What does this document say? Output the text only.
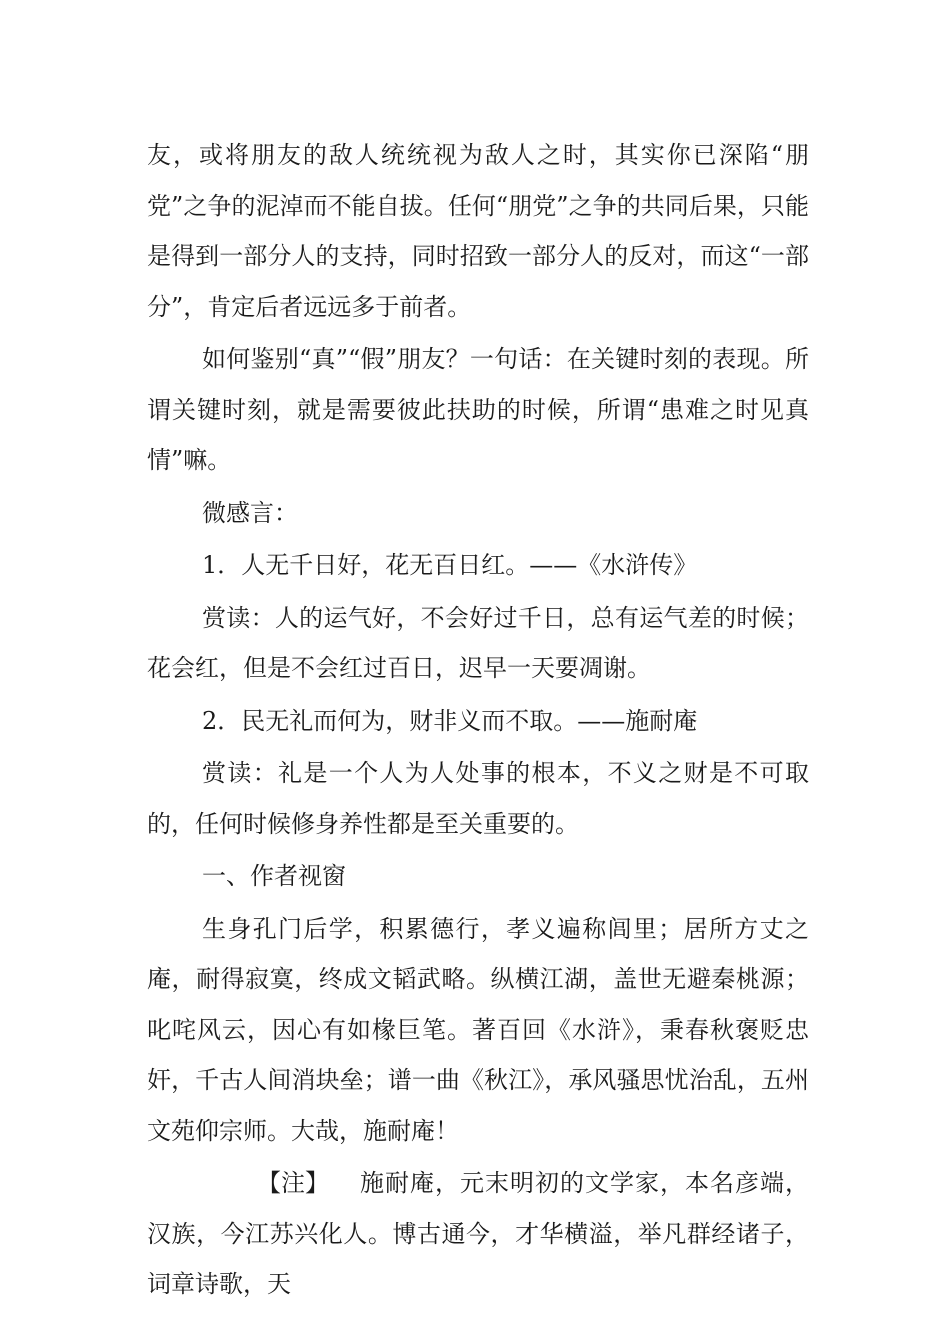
友，或将朋友的敌人统统视为敌人之时，其实你已深陷“朋党”之争的泥淖而不能自拔。任何“朋党”之争的共同后果，只能是得到一部分人的支持，同时招致一部分人的反对，而这“一部分”，肯定后者远远多于前者。

如何鉴别“真”“假”朋友？一句话：在关键时刻的表现。所谓关键时刻，就是需要彼此扶助的时候，所谓“患难之时见真情”嘛。

微感言：

1．人无千日好，花无百日红。——《水浒传》

赏读：人的运气好，不会好过千日，总有运气差的时候；花会红，但是不会红过百日，迟早一天要凋谢。

2．民无礼而何为，财非义而不取。——施耐庵

赏读：礼是一个人为人处事的根本，不义之财是不可取的，任何时候修身养性都是至关重要的。

一、作者视窗

生身孔门后学，积累德行，孝义遍称闾里；居所方丈之庵，耐得寂寞，终成文韬武略。纵横江湖，盖世无避秦桃源；叱咤风云，因心有如椽巨笔。著百回《水浒》，秉春秋褒贬忠奸，千古人间消块垒；谱一曲《秋江》，承风骚思忧治乱，五州文苑仰宗师。大哉，施耐庵！

【注】 施耐庵，元末明初的文学家，本名彦端，汉族，今江苏兴化人。博古通今，才华横溢，举凡群经诸子，词章诗歌，天
